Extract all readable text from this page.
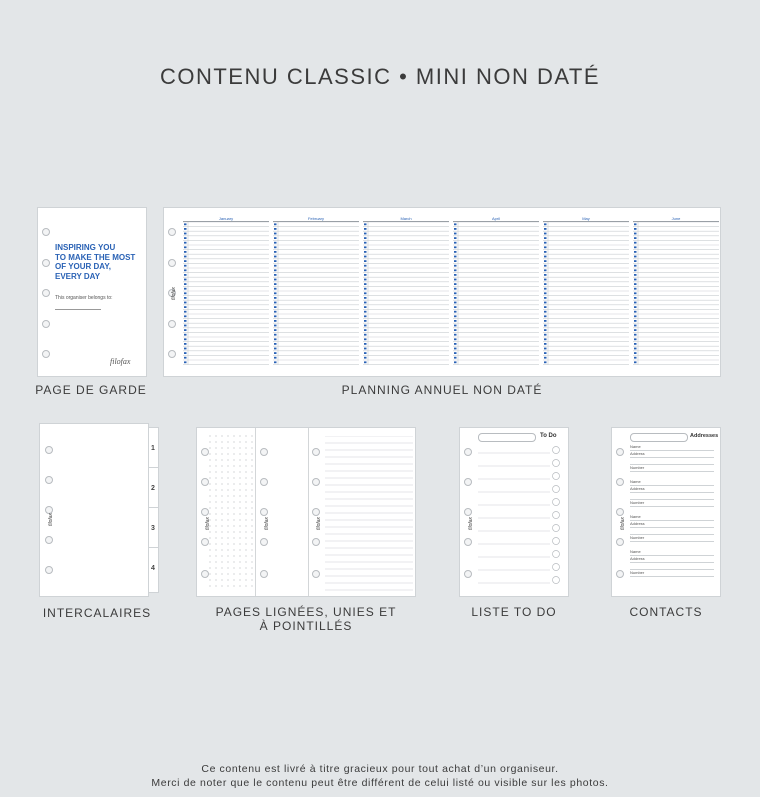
CONTENU CLASSIC • MINI NON DATÉ
INSPIRING YOU
TO MAKE THE MOST
OF YOUR DAY,
EVERY DAY
This organiser belongs to:
filofax
PAGE DE GARDE
filofax
January	February	March	April	May	June
PLANNING ANNUEL NON DATÉ
1
2
3
4
filofax
INTERCALAIRES
filofax	filofax	filofax
PAGES LIGNÉES, UNIES ET
À POINTILLÉS
To Do
filofax
LISTE TO DO
Addresses
Name
Address
Number
Name
Address
Number
Name
Address
Number
Name
Address
Number
filofax
CONTACTS
Ce contenu est livré à titre gracieux pour tout achat d’un organiseur.
Merci de noter que le contenu peut être différent de celui listé ou visible sur les photos.
